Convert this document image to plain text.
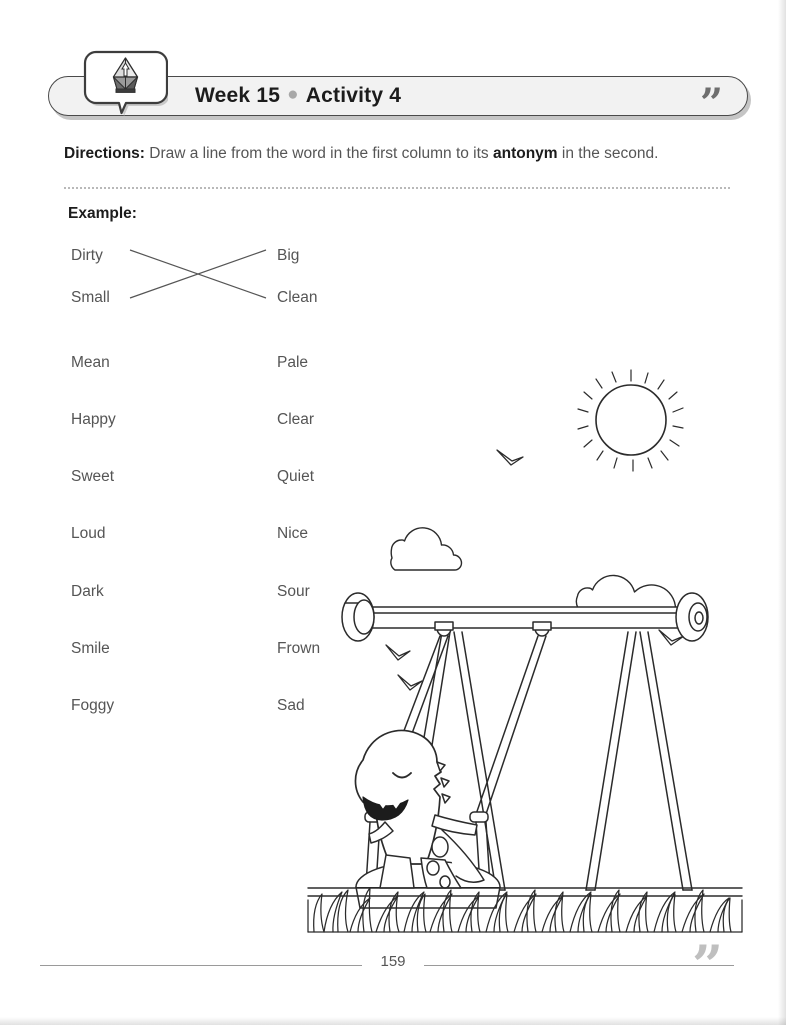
Week 15 ● Activity 4	”
Directions: Draw a line from the word in the first column to its antonym in the second.
Example:
Dirty
Small
Big
Clean
Mean
Happy
Sweet
Loud
Dark
Smile
Foggy
Pale
Clear
Quiet
Nice
Sour
Frown
Sad
159	”
